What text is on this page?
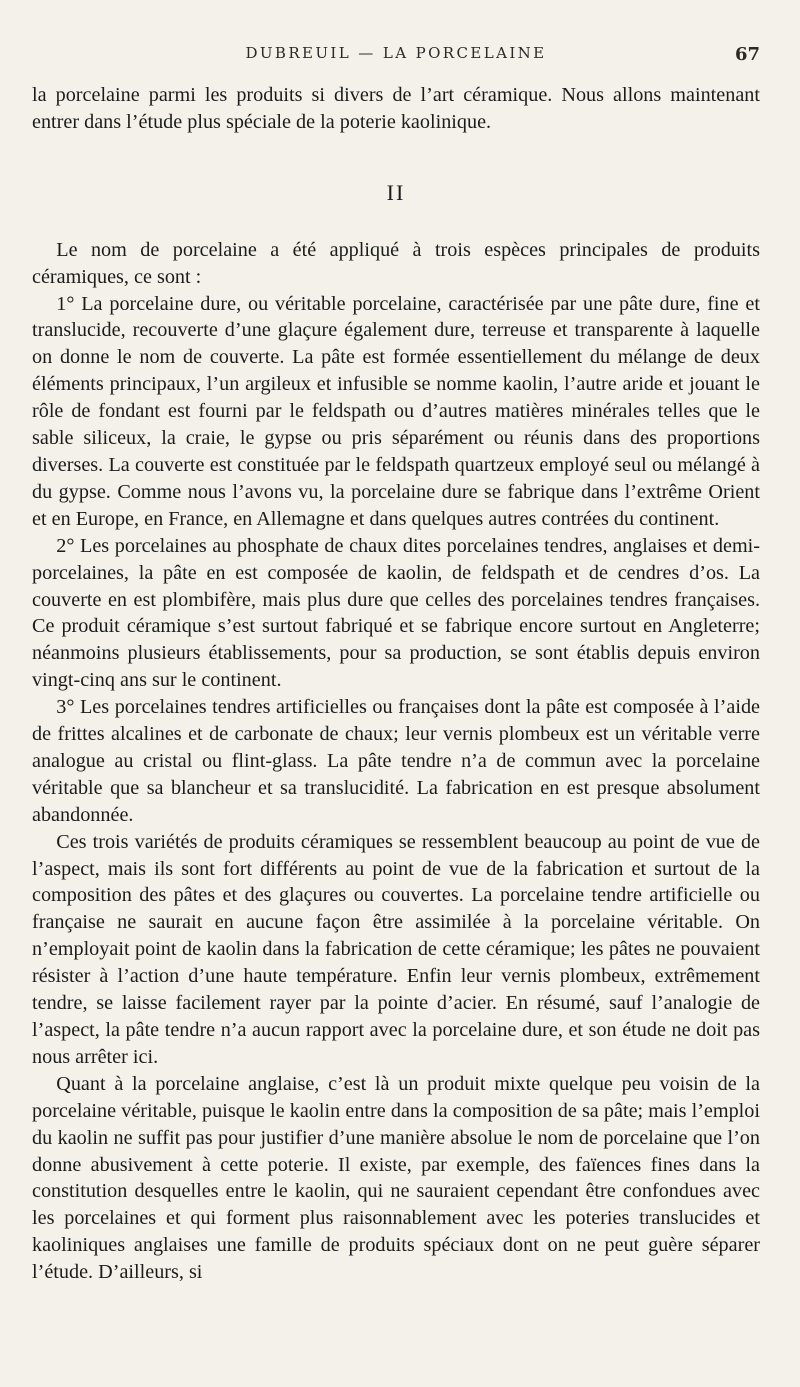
DUBREUIL — LA PORCELAINE	67

la porcelaine parmi les produits si divers de l’art céramique. Nous allons maintenant entrer dans l’étude plus spéciale de la poterie kaolinique.

II

Le nom de porcelaine a été appliqué à trois espèces principales de produits céramiques, ce sont :

1° La porcelaine dure, ou véritable porcelaine, caractérisée par une pâte dure, fine et translucide, recouverte d’une glaçure également dure, terreuse et transparente à laquelle on donne le nom de couverte. La pâte est formée essentiellement du mélange de deux éléments principaux, l’un argileux et infusible se nomme kaolin, l’autre aride et jouant le rôle de fondant est fourni par le feldspath ou d’autres matières minérales telles que le sable siliceux, la craie, le gypse ou pris séparément ou réunis dans des proportions diverses. La couverte est constituée par le feldspath quartzeux employé seul ou mélangé à du gypse. Comme nous l’avons vu, la porcelaine dure se fabrique dans l’extrême Orient et en Europe, en France, en Allemagne et dans quelques autres contrées du continent.

2° Les porcelaines au phosphate de chaux dites porcelaines tendres, anglaises et demi-porcelaines, la pâte en est composée de kaolin, de feldspath et de cendres d’os. La couverte en est plombifère, mais plus dure que celles des porcelaines tendres françaises. Ce produit céramique s’est surtout fabriqué et se fabrique encore surtout en Angleterre; néanmoins plusieurs établissements, pour sa production, se sont établis depuis environ vingt-cinq ans sur le continent.

3° Les porcelaines tendres artificielles ou françaises dont la pâte est composée à l’aide de frittes alcalines et de carbonate de chaux; leur vernis plombeux est un véritable verre analogue au cristal ou flint-glass. La pâte tendre n’a de commun avec la porcelaine véritable que sa blancheur et sa translucidité. La fabrication en est presque absolument abandonnée.

Ces trois variétés de produits céramiques se ressemblent beaucoup au point de vue de l’aspect, mais ils sont fort différents au point de vue de la fabrication et surtout de la composition des pâtes et des glaçures ou couvertes. La porcelaine tendre artificielle ou française ne saurait en aucune façon être assimilée à la porcelaine véritable. On n’employait point de kaolin dans la fabrication de cette céramique; les pâtes ne pouvaient résister à l’action d’une haute température. Enfin leur vernis plombeux, extrêmement tendre, se laisse facilement rayer par la pointe d’acier. En résumé, sauf l’analogie de l’aspect, la pâte tendre n’a aucun rapport avec la porcelaine dure, et son étude ne doit pas nous arrêter ici.

Quant à la porcelaine anglaise, c’est là un produit mixte quelque peu voisin de la porcelaine véritable, puisque le kaolin entre dans la composition de sa pâte; mais l’emploi du kaolin ne suffit pas pour justifier d’une manière absolue le nom de porcelaine que l’on donne abusivement à cette poterie. Il existe, par exemple, des faïences fines dans la constitution desquelles entre le kaolin, qui ne sauraient cependant être confondues avec les porcelaines et qui forment plus raisonnablement avec les poteries translucides et kaoliniques anglaises une famille de produits spéciaux dont on ne peut guère séparer l’étude. D’ailleurs, si
